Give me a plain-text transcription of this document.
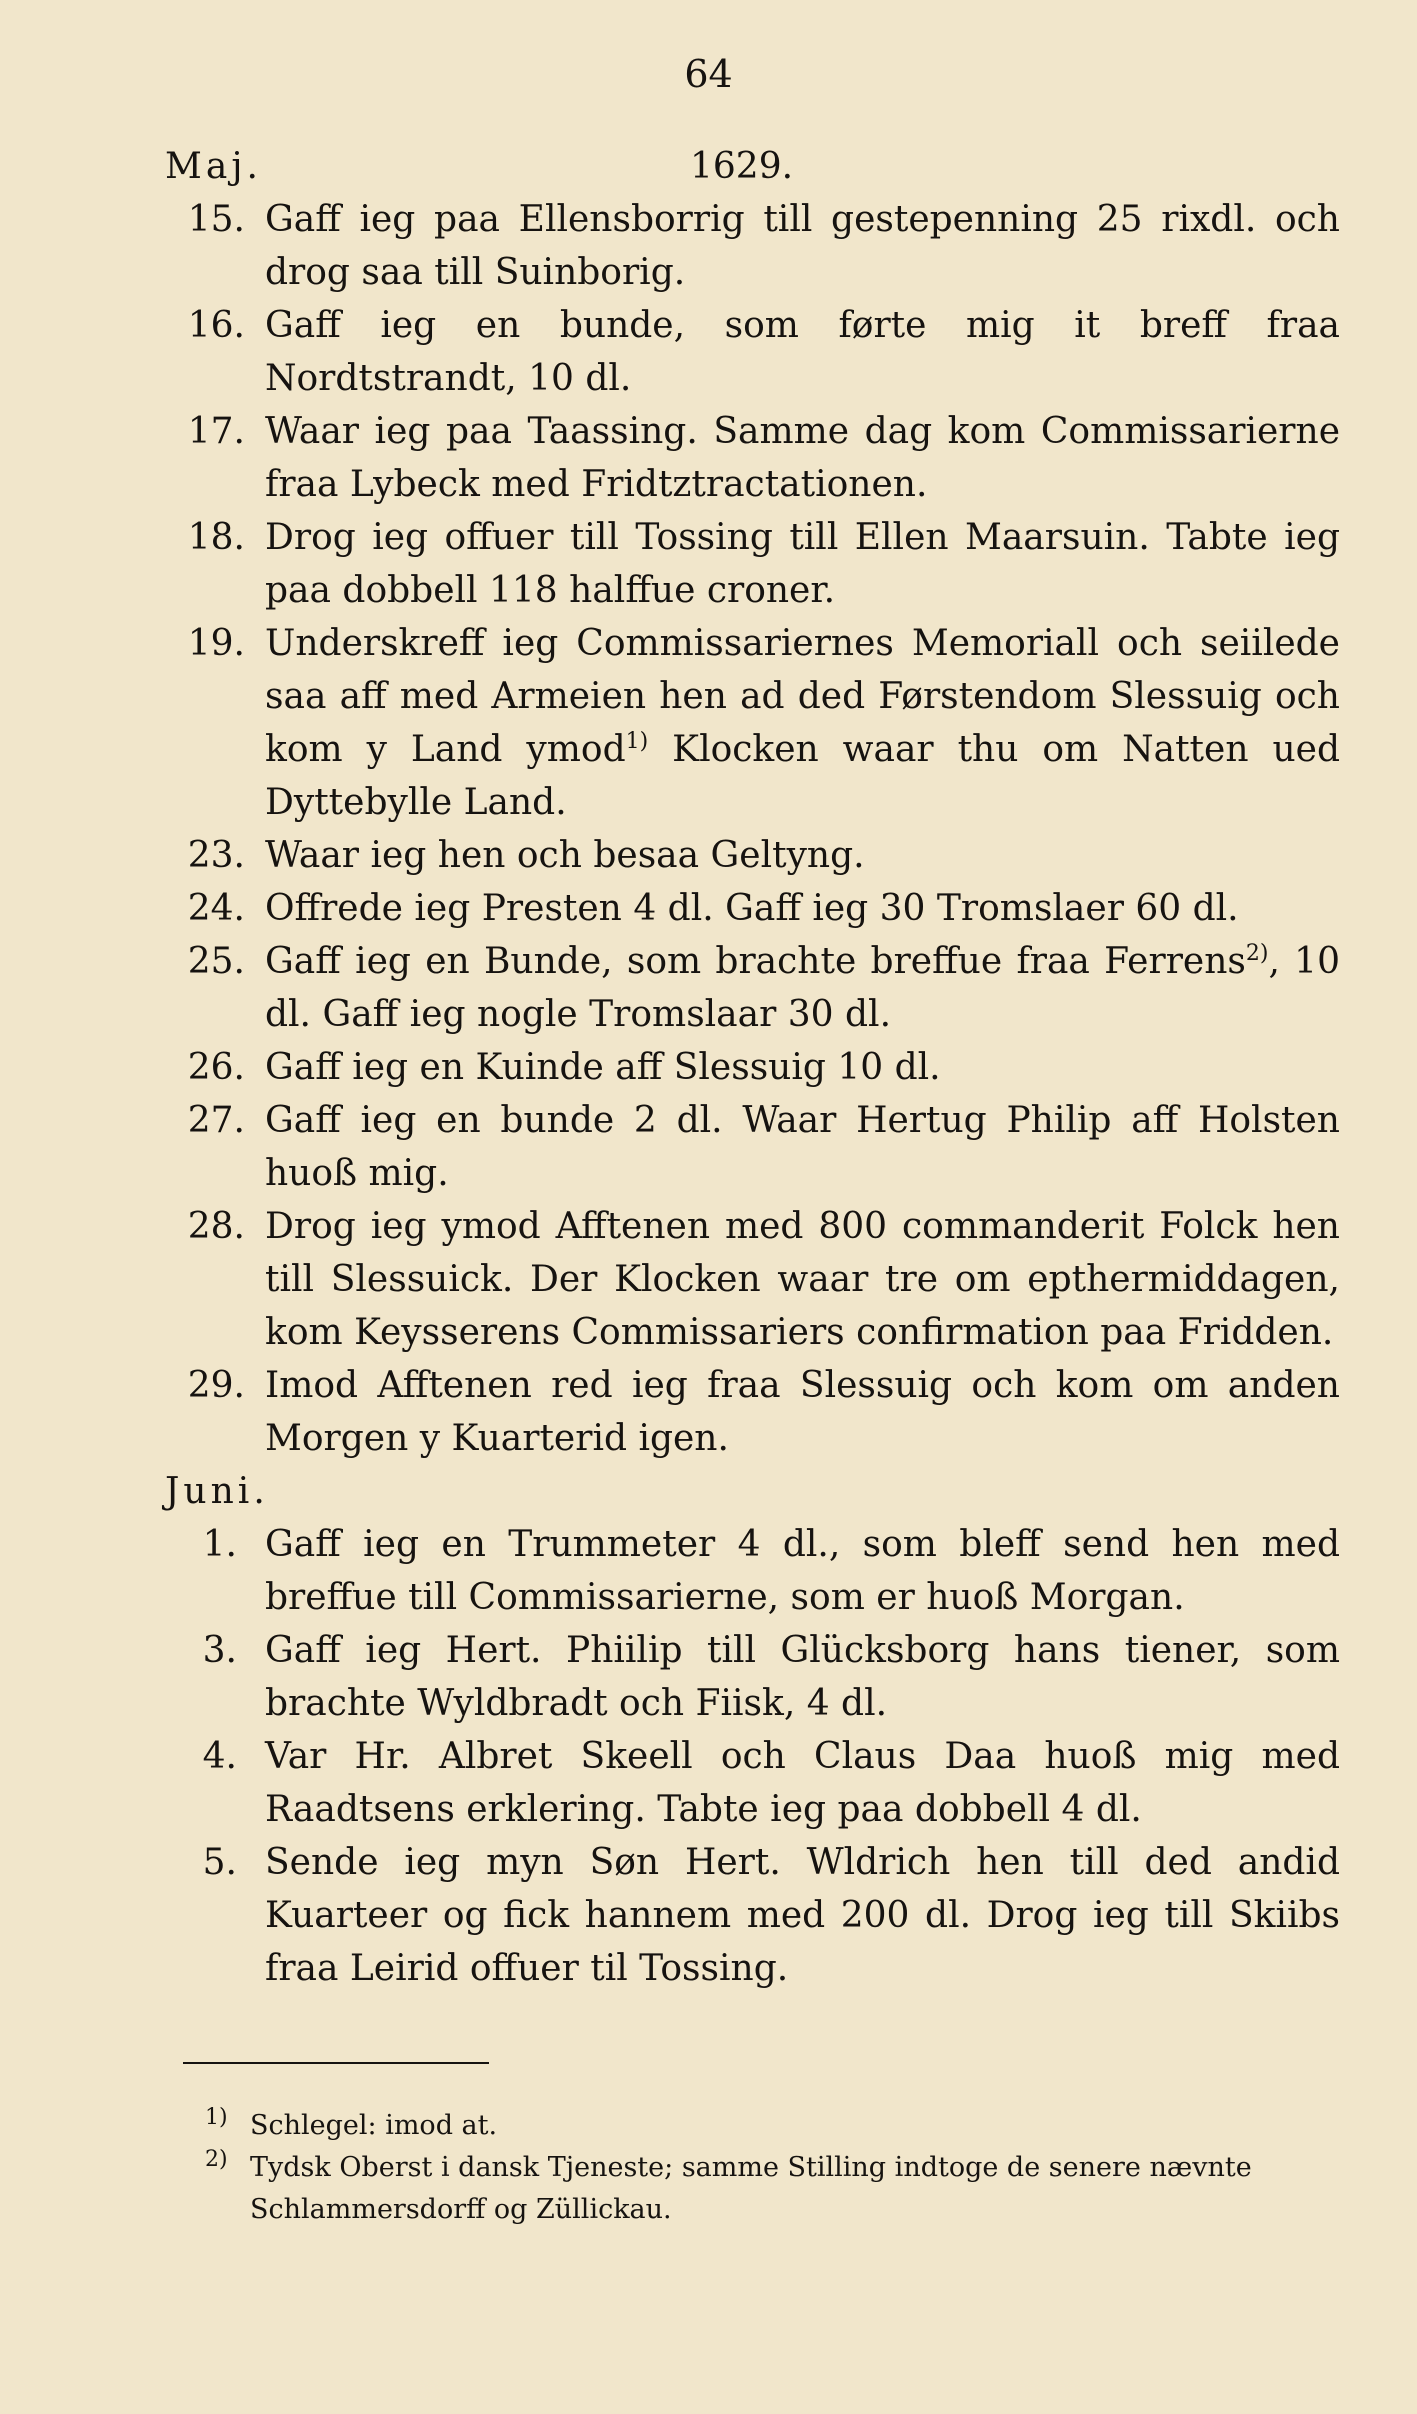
64
Maj.	1629.
15. Gaff ieg paa Ellensborrig till gestepenning 25 rixdl. och drog saa till Suinborig.
16. Gaff ieg en bunde, som førte mig it breff fraa Nordtstrandt, 10 dl.
17. Waar ieg paa Taassing. Samme dag kom Commissarierne fraa Lybeck med Fridtztractationen.
18. Drog ieg offuer till Tossing till Ellen Maarsuin. Tabte ieg paa dobbell 118 halffue croner.
19. Underskreff ieg Commissariernes Memoriall och seiilede saa aff med Armeien hen ad ded Førstendom Slessuig och kom y Land ymod$^{1)}$ Klocken waar thu om Natten ued Dyttebylle Land.
23. Waar ieg hen och besaa Geltyng.
24. Offrede ieg Presten 4 dl. Gaff ieg 30 Tromslaer 60 dl.
25. Gaff ieg en Bunde, som brachte breffue fraa Ferrens$^{2)}$, 10 dl. Gaff ieg nogle Tromslaar 30 dl.
26. Gaff ieg en Kuinde aff Slessuig 10 dl.
27. Gaff ieg en bunde 2 dl. Waar Hertug Philip aff Holsten huoß mig.
28. Drog ieg ymod Afftenen med 800 commanderit Folck hen till Slessuick. Der Klocken waar tre om epthermiddagen, kom Keysserens Commissariers confirmation paa Fridden.
29. Imod Afftenen red ieg fraa Slessuig och kom om anden Morgen y Kuarterid igen.
Juni.
1. Gaff ieg en Trummeter 4 dl., som bleff send hen med breffue till Commissarierne, som er huoß Morgan.
3. Gaff ieg Hert. Phiilip till Glücksborg hans tiener, som brachte Wyldbradt och Fiisk, 4 dl.
4. Var Hr. Albret Skeell och Claus Daa huoß mig med Raadtsens erklering. Tabte ieg paa dobbell 4 dl.
5. Sende ieg myn Søn Hert. Wldrich hen till ded andid Kuarteer og fick hannem med 200 dl. Drog ieg till Skiibs fraa Leirid offuer til Tossing.
$^{1)}$ Schlegel: imod at.
$^{2)}$ Tydsk Oberst i dansk Tjeneste; samme Stilling indtoge de senere nævnte Schlammersdorff og Züllickau.
